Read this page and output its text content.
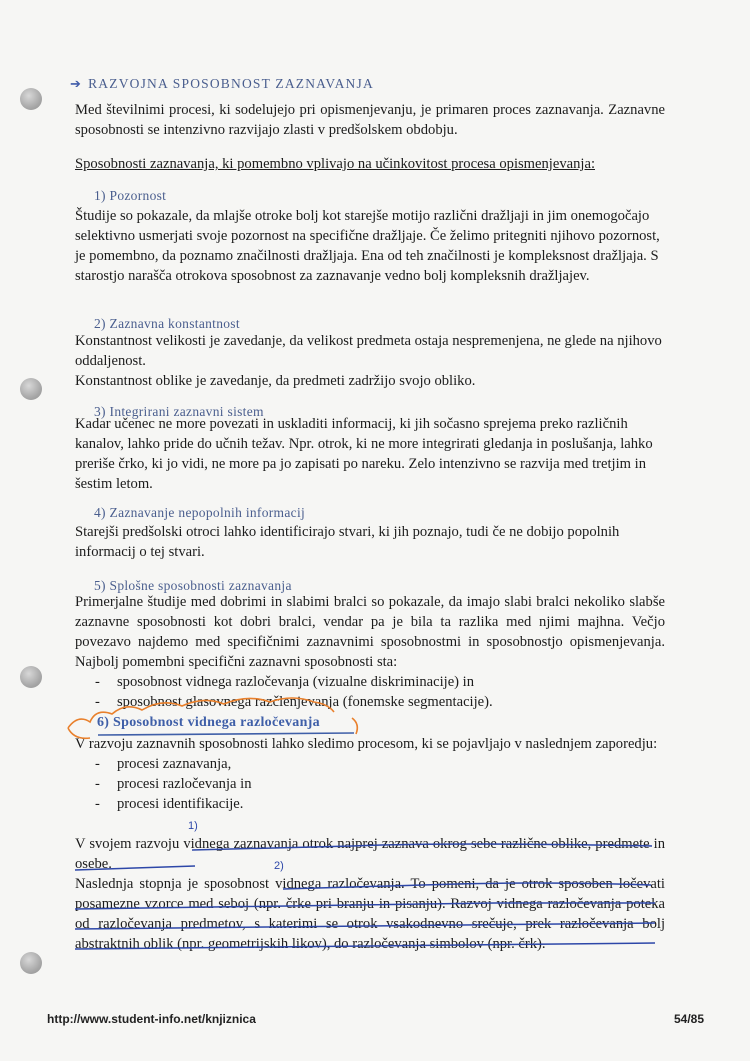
➔ RAZVOJNA SPOSOBNOST ZAZNAVANJA
Med številnimi procesi, ki sodelujejo pri opismenjevanju, je primaren proces zaznavanja. Zaznavne sposobnosti se intenzivno razvijajo zlasti v predšolskem obdobju.
Sposobnosti zaznavanja, ki pomembno vplivajo na učinkovitost procesa opismenjevanja:
1) Pozornost
Študije so pokazale, da mlajše otroke bolj kot starejše motijo različni dražljaji in jim onemogočajo selektivno usmerjati svoje pozornost na specifične dražljaje. Če želimo pritegniti njihovo pozornost, je pomembno, da poznamo značilnosti dražljaja. Ena od teh značilnosti je kompleksnost dražljaja. S starostjo narašča otrokova sposobnost za zaznavanje vedno bolj kompleksnih dražljajev.
2) Zaznavna konstantnost
Konstantnost velikosti je zavedanje, da velikost predmeta ostaja nespremenjena, ne glede na njihovo oddaljenost.
Konstantnost oblike je zavedanje, da predmeti zadržijo svojo obliko.
3) Integrirani zaznavni sistem
Kadar učenec ne more povezati in uskladiti informacij, ki jih sočasno sprejema preko različnih kanalov, lahko pride do učnih težav. Npr. otrok, ki ne more integrirati gledanja in poslušanja, lahko preriše črko, ki jo vidi, ne more pa jo zapisati po nareku. Zelo intenzivno se razvija med tretjim in šestim letom.
4) Zaznavanje nepopolnih informacij
Starejši predšolski otroci lahko identificirajo stvari, ki jih poznajo, tudi če ne dobijo popolnih informacij o tej stvari.
5) Splošne sposobnosti zaznavanja
Primerjalne študije med dobrimi in slabimi bralci so pokazale, da imajo slabi bralci nekoliko slabše zaznavne sposobnosti kot dobri bralci, vendar pa je bila ta razlika med njimi majhna. Večjo povezavo najdemo med specifičnimi zaznavnimi sposobnostmi in sposobnostjo opismenjevanja. Najbolj pomembni specifični zaznavni sposobnosti sta:
- sposobnost vidnega razločevanja (vizualne diskriminacije) in
- sposobnost glasovnega razčlenjevanja (fonemske segmentacije).
6) Sposobnost vidnega razločevanja
V razvoju zaznavnih sposobnosti lahko sledimo procesom, ki se pojavljajo v naslednjem zaporedju:
- procesi zaznavanja,
- procesi razločevanja in
- procesi identifikacije.
V svojem razvoju vidnega zaznavanja otrok najprej zaznava okrog sebe različne oblike, predmete in osebe.
Naslednja stopnja je sposobnost vidnega razločevanja. To pomeni, da je otrok sposoben ločevati posamezne vzorce med seboj (npr. črke pri branju in pisanju). Razvoj vidnega razločevanja poteka od razločevanja predmetov, s katerimi se otrok vsakodnevno srečuje, prek razločevanja bolj abstraktnih oblik (npr. geometrijskih likov), do razločevanja simbolov (npr. črk).
1)
2)
http://www.student-info.net/knjiznica	54/85
